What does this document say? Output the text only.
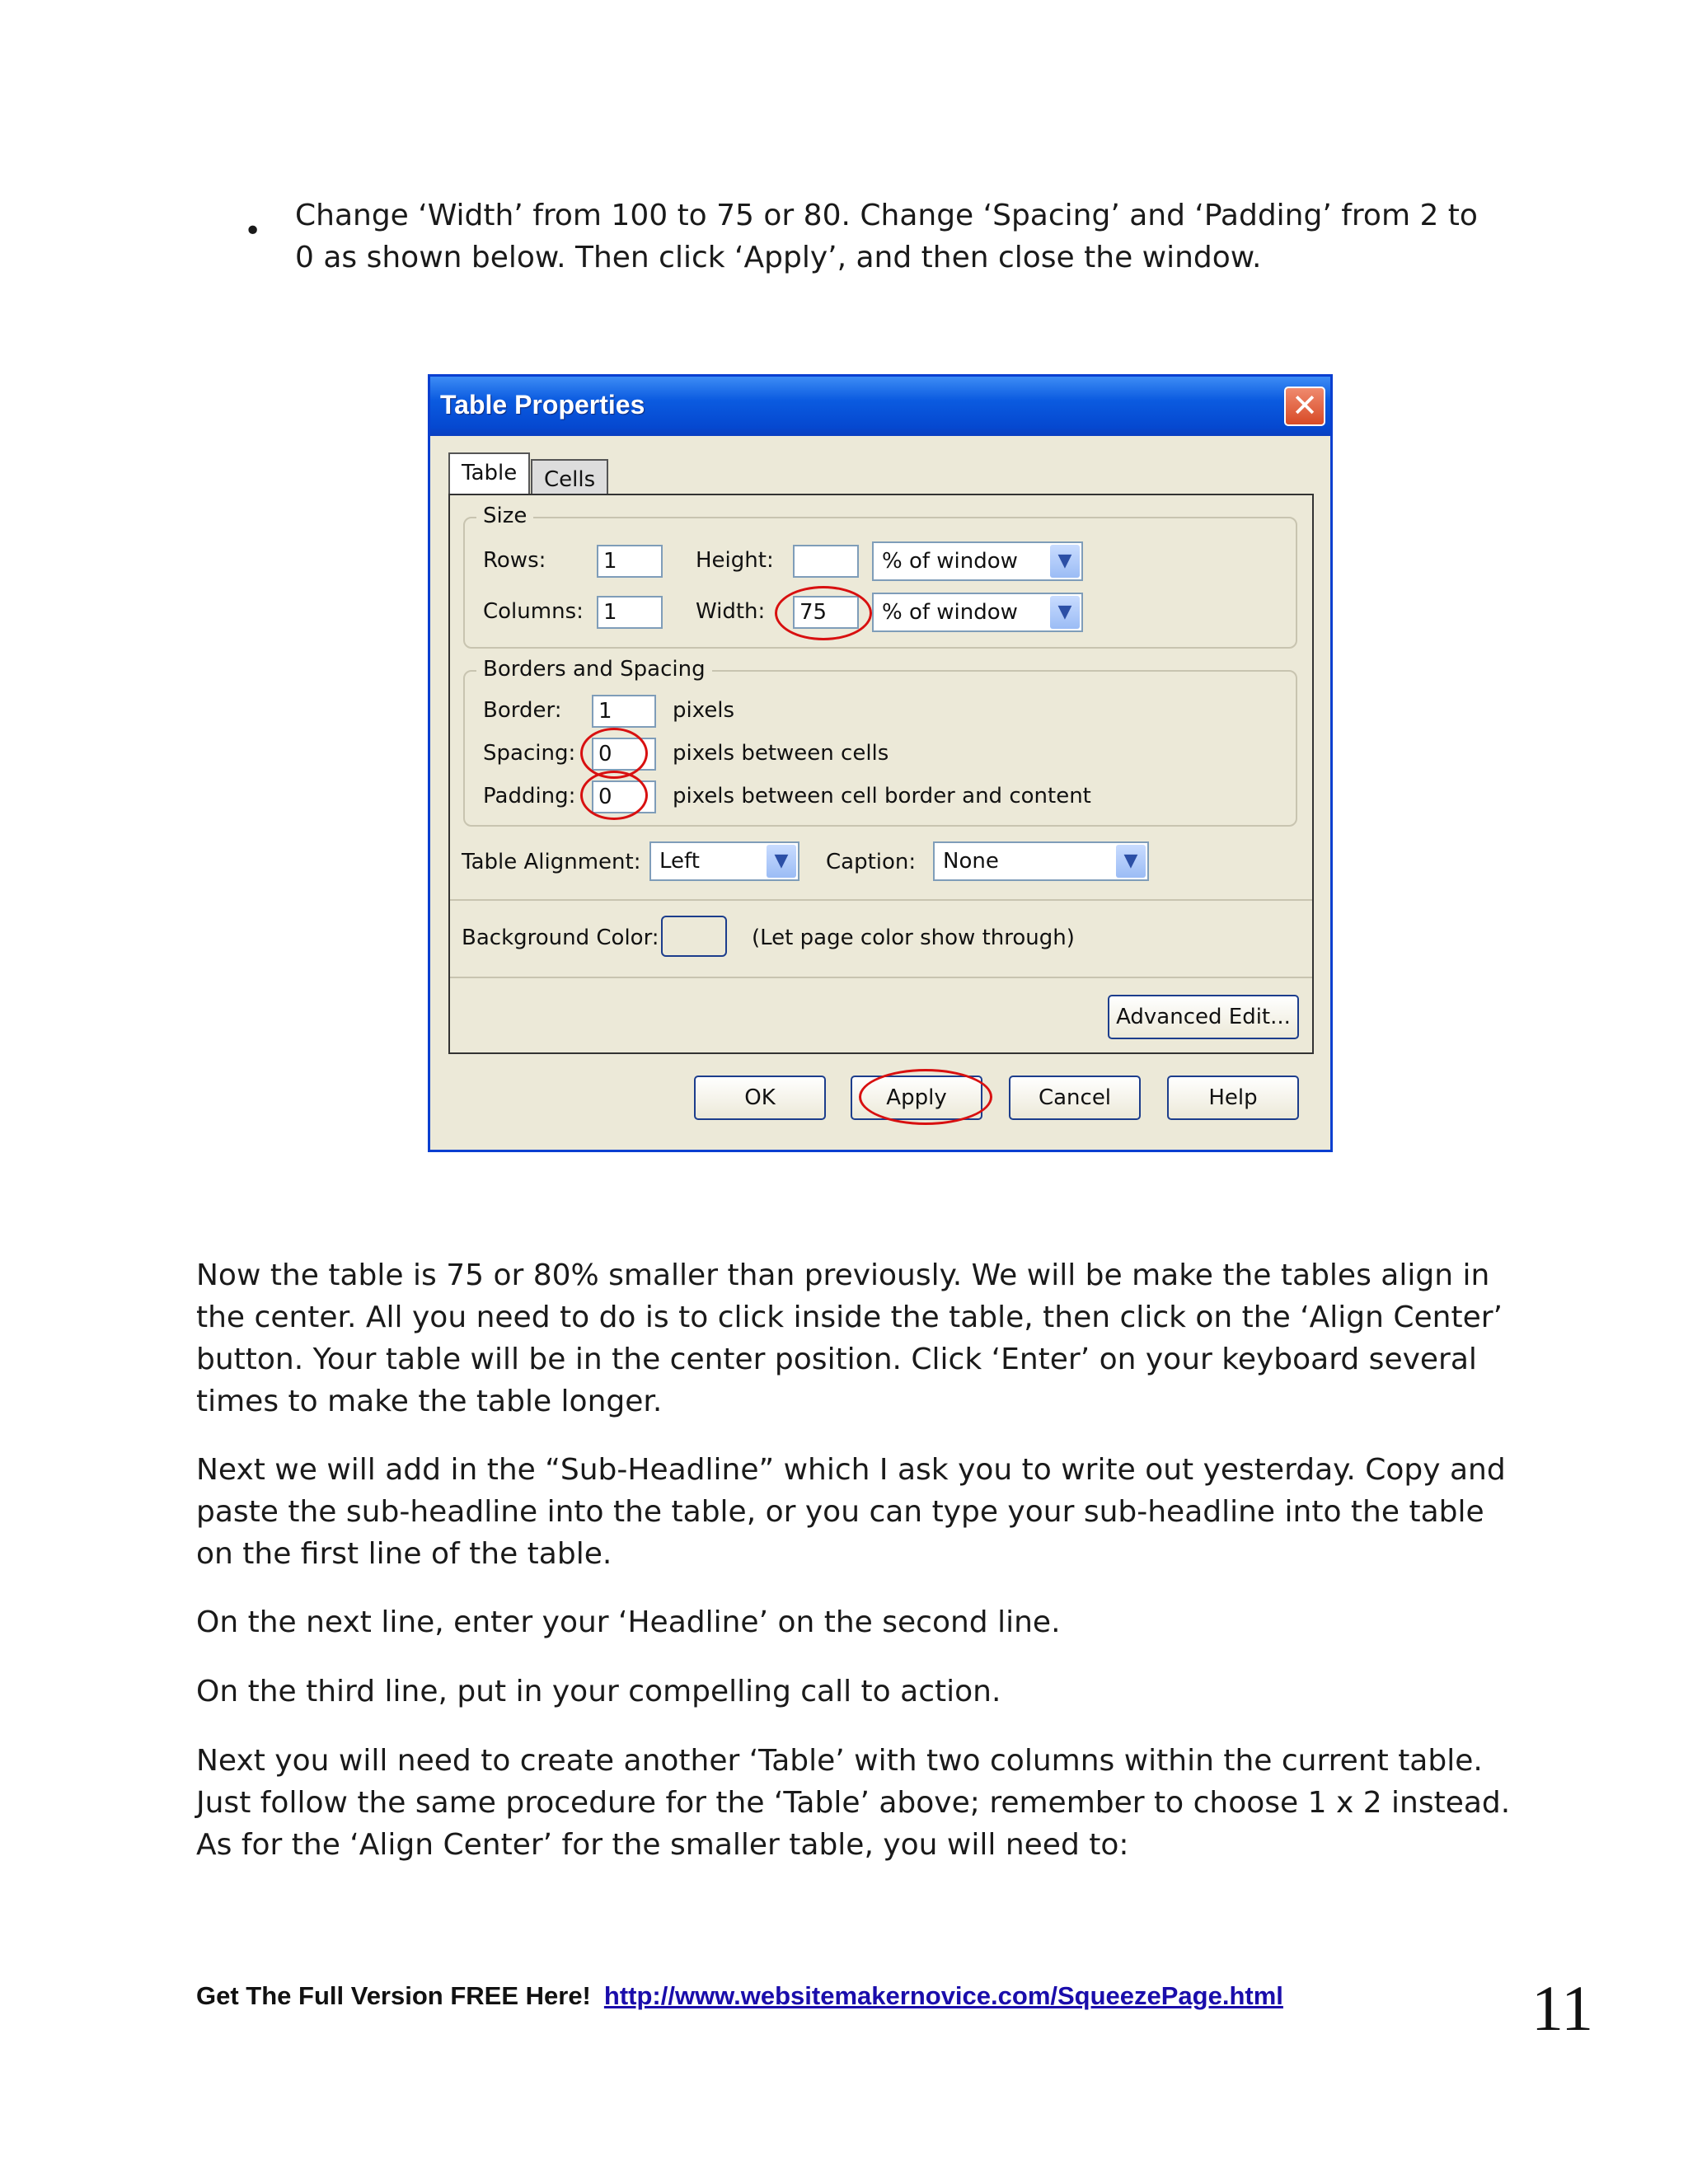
• Change ‘Width’ from 100 to 75 or 80. Change ‘Spacing’ and ‘Padding’ from 2 to 0 as shown below. Then click ‘Apply’, and then close the window.
Table Properties	✕
Table	Cells
Size
Rows:	1
Columns: 1
Height:	% of window	▼
Width:	75	% of window	▼
Borders and Spacing
Border:	1	pixels
Spacing:	0	pixels between cells
Padding:	0	pixels between cell border and content
Table Alignment: Left	▼	Caption:	None	▼
Background Color:	(Let page color show through)
Advanced Edit...
OK	Apply	Cancel	Help
Now the table is 75 or 80% smaller than previously. We will be make the tables align in the center. All you need to do is to click inside the table, then click on the ‘Align Center’ button. Your table will be in the center position. Click ‘Enter’ on your keyboard several times to make the table longer.
Next we will add in the “Sub-Headline” which I ask you to write out yesterday. Copy and paste the sub-headline into the table, or you can type your sub-headline into the table on the first line of the table.
On the next line, enter your ‘Headline’ on the second line.
On the third line, put in your compelling call to action.
Next you will need to create another ‘Table’ with two columns within the current table. Just follow the same procedure for the ‘Table’ above; remember to choose 1 x 2 instead. As for the ‘Align Center’ for the smaller table, you will need to:
Get The Full Version FREE Here! http://www.websitemakernovice.com/SqueezePage.html	11
